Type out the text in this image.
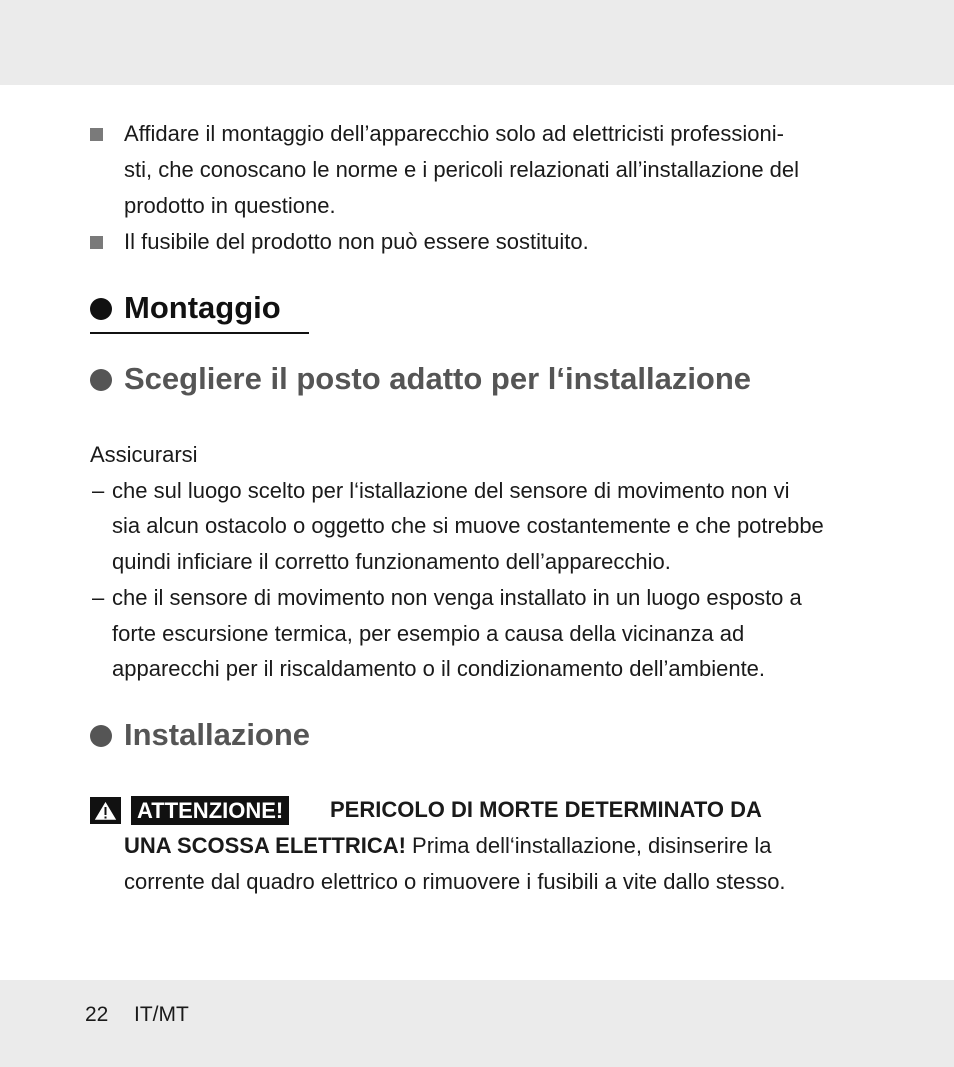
Affidare il montaggio dell’apparecchio solo ad elettricisti professioni-
sti, che conoscano le norme e i pericoli relazionati all’installazione del
prodotto in questione.
Il fusibile del prodotto non può essere sostituito.
Montaggio
Scegliere il posto adatto per l‘installazione
Assicurarsi
– che sul luogo scelto per l‘istallazione del sensore di movimento non vi
sia alcun ostacolo o oggetto che si muove costantemente e che potrebbe
quindi inficiare il corretto funzionamento dell’apparecchio.
– che il sensore di movimento non venga installato in un luogo esposto a
forte escursione termica, per esempio a causa della vicinanza ad
apparecchi per il riscaldamento o il condizionamento dell’ambiente.
Installazione
ATTENZIONE! PERICOLO DI MORTE DETERMINATO DA
UNA SCOSSA ELETTRICA! Prima dell‘installazione, disinserire la
corrente dal quadro elettrico o rimuovere i fusibili a vite dallo stesso.
22 IT/MT
